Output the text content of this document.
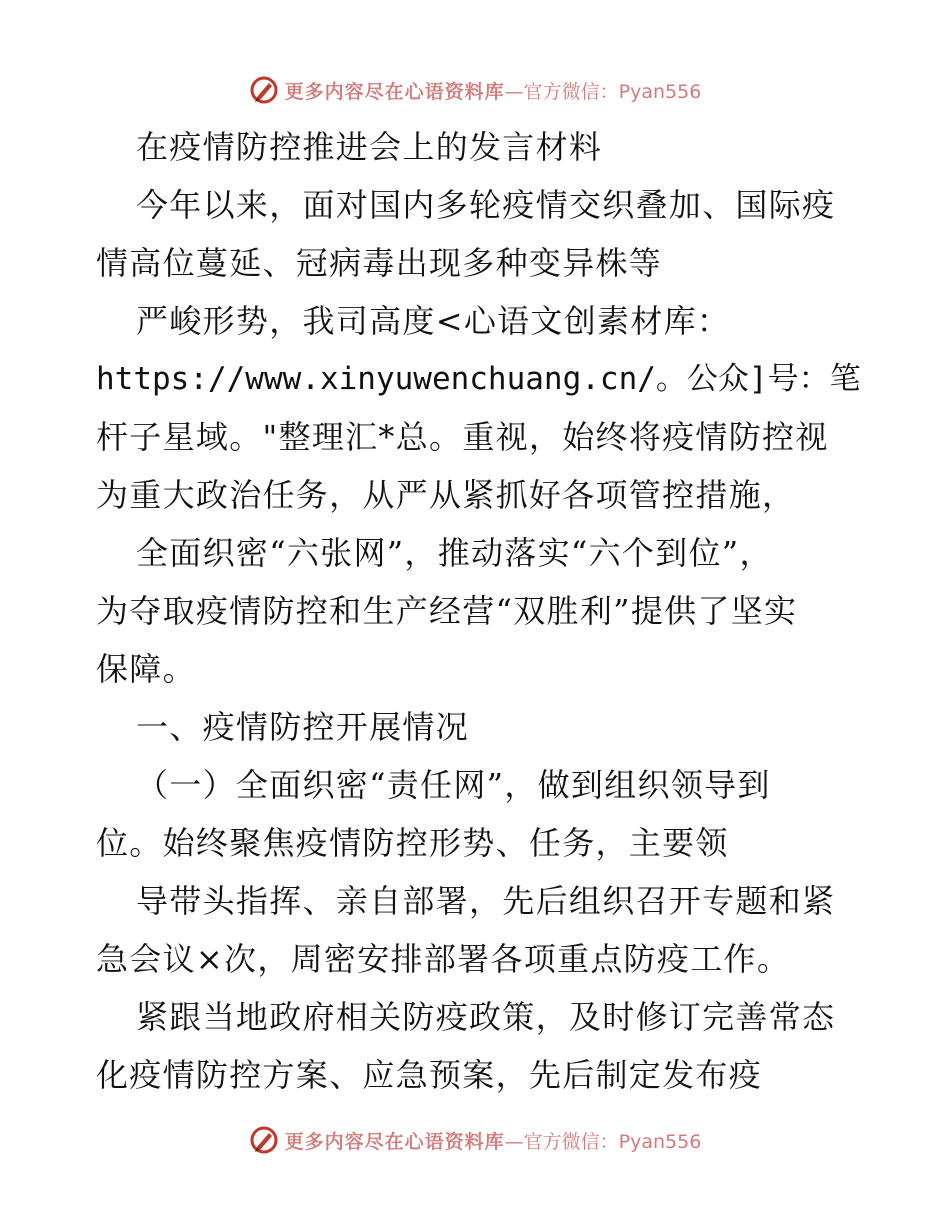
更多内容尽在心语资料库 —官方微信：Pyan556
在疫情防控推进会上的发言材料
今年以来，面对国内多轮疫情交织叠加、国际疫
情高位蔓延、冠病毒出现多种变异株等
严峻形势，我司高度<心语文创素材库：
https://www.xinyuwenchuang.cn/。公众]号：笔
杆子星域。"整理汇*总。重视，始终将疫情防控视
为重大政治任务，从严从紧抓好各项管控措施，
全面织密“六张网”，推动落实“六个到位”，
为夺取疫情防控和生产经营“双胜利”提供了坚实
保障。
一、疫情防控开展情况
（一）全面织密“责任网”，做到组织领导到
位。始终聚焦疫情防控形势、任务，主要领
导带头指挥、亲自部署，先后组织召开专题和紧
急会议×次，周密安排部署各项重点防疫工作。
紧跟当地政府相关防疫政策，及时修订完善常态
化疫情防控方案、应急预案，先后制定发布疫
更多内容尽在心语资料库 —官方微信：Pyan556
